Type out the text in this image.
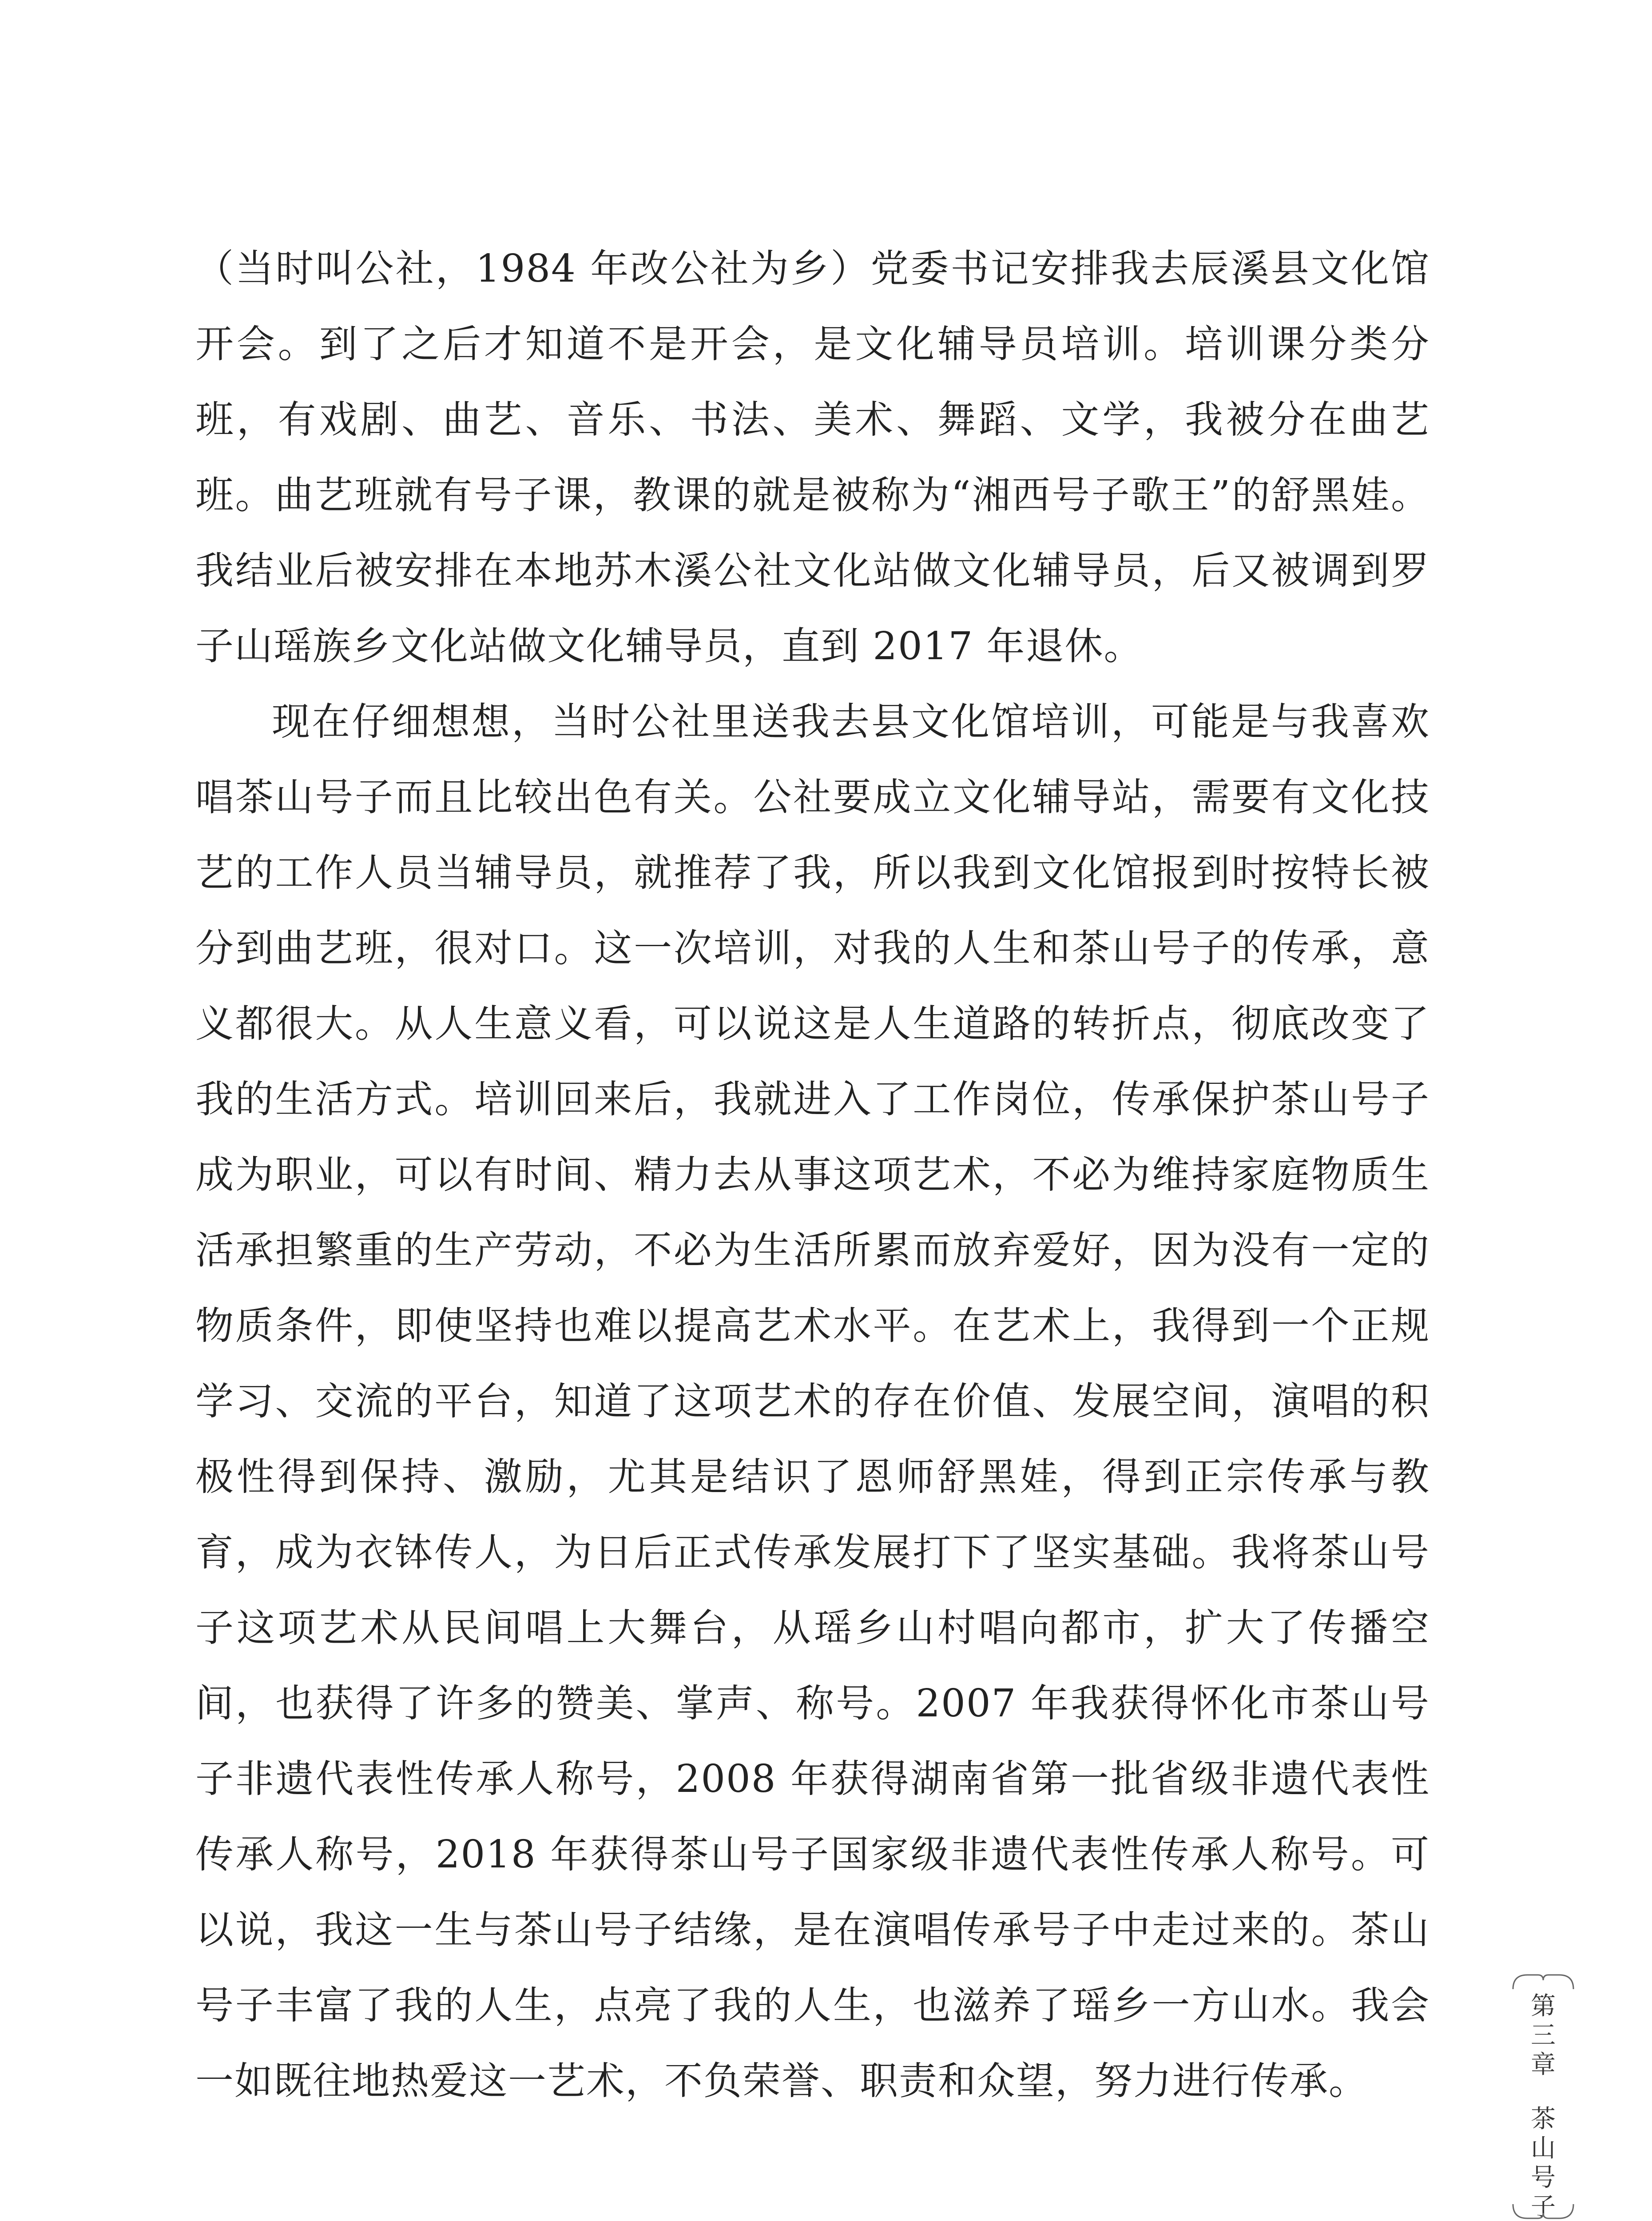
（当时叫公社，1984 年改公社为乡）党委书记安排我去辰溪县文化馆开会。到了之后才知道不是开会，是文化辅导员培训。培训课分类分班，有戏剧、曲艺、音乐、书法、美术、舞蹈、文学，我被分在曲艺班。曲艺班就有号子课，教课的就是被称为“湘西号子歌王”的舒黑娃。我结业后被安排在本地苏木溪公社文化站做文化辅导员，后又被调到罗子山瑶族乡文化站做文化辅导员，直到 2017 年退休。

现在仔细想想，当时公社里送我去县文化馆培训，可能是与我喜欢唱茶山号子而且比较出色有关。公社要成立文化辅导站，需要有文化技艺的工作人员当辅导员，就推荐了我，所以我到文化馆报到时按特长被分到曲艺班，很对口。这一次培训，对我的人生和茶山号子的传承，意义都很大。从人生意义看，可以说这是人生道路的转折点，彻底改变了我的生活方式。培训回来后，我就进入了工作岗位，传承保护茶山号子成为职业，可以有时间、精力去从事这项艺术，不必为维持家庭物质生活承担繁重的生产劳动，不必为生活所累而放弃爱好，因为没有一定的物质条件，即使坚持也难以提高艺术水平。在艺术上，我得到一个正规学习、交流的平台，知道了这项艺术的存在价值、发展空间，演唱的积极性得到保持、激励，尤其是结识了恩师舒黑娃，得到正宗传承与教育，成为衣钵传人，为日后正式传承发展打下了坚实基础。我将茶山号子这项艺术从民间唱上大舞台，从瑶乡山村唱向都市，扩大了传播空间，也获得了许多的赞美、掌声、称号。2007 年我获得怀化市茶山号子非遗代表性传承人称号，2008 年获得湖南省第一批省级非遗代表性传承人称号，2018 年获得茶山号子国家级非遗代表性传承人称号。可以说，我这一生与茶山号子结缘，是在演唱传承号子中走过来的。茶山号子丰富了我的人生，点亮了我的人生，也滋养了瑶乡一方山水。我会一如既往地热爱这一艺术，不负荣誉、职责和众望，努力进行传承。

第
三
章
茶
山
号
子
